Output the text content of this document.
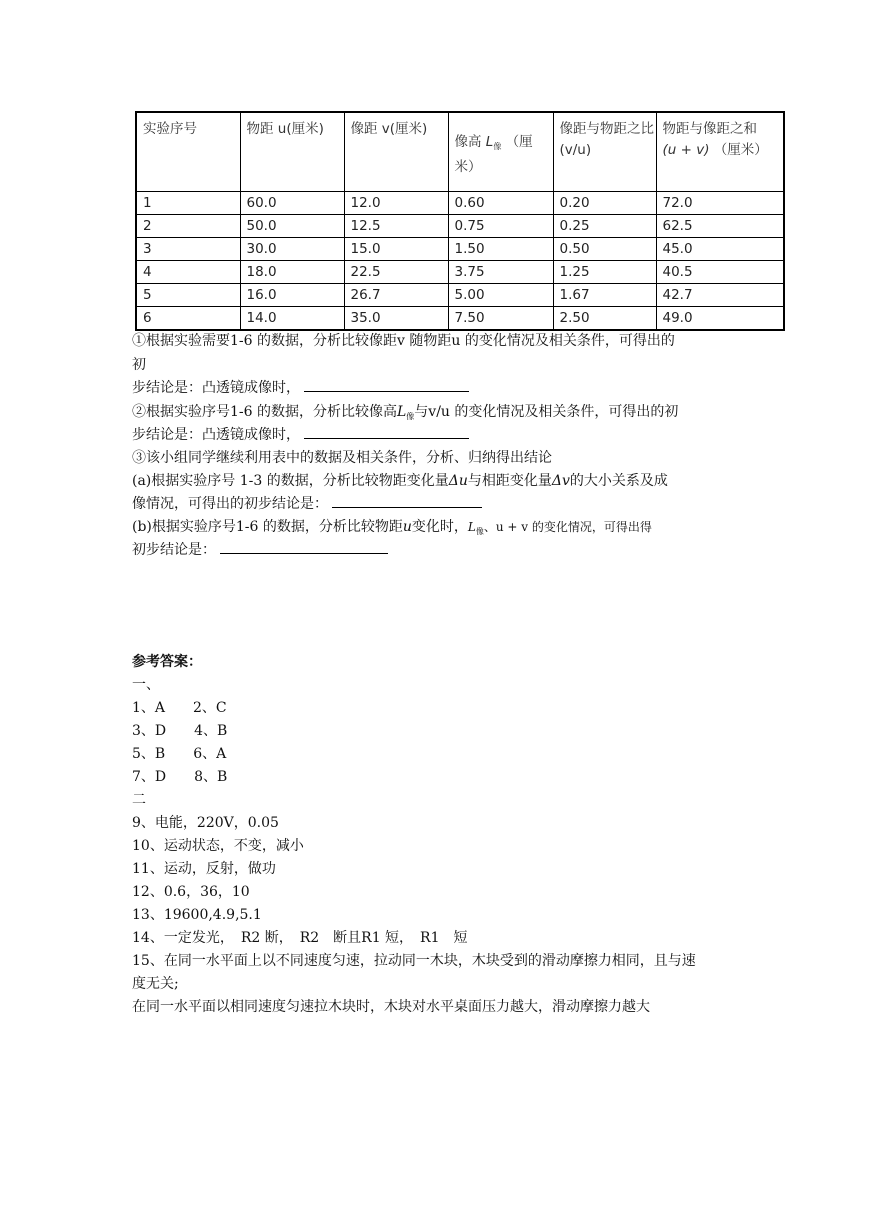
实验序号	物距 u(厘米)	像距 v(厘米)	像高 $L_像$ （厘
米）	像距与物距之比(v/u)	物距与像距之和
(u + v) （厘米）
1	60.0	12.0	0.60	0.20	72.0
2	50.0	12.5	0.75	0.25	62.5
3	30.0	15.0	1.50	0.50	45.0
4	18.0	22.5	3.75	1.25	40.5
5	16.0	26.7	5.00	1.67	42.7
6	14.0	35.0	7.50	2.50	49.0
①根据实验需要1-6 的数据，分析比较像距v 随物距u 的变化情况及相关条件，可得出的
初
步结论是：凸透镜成像时，
②根据实验序号1-6 的数据，分析比较像高$L_像$与v/u 的变化情况及相关条件，可得出的初
步结论是：凸透镜成像时，
③该小组同学继续利用表中的数据及相关条件，分析、归纳得出结论
(a)根据实验序号 1-3 的数据，分析比较物距变化量Δu与相距变化量Δv的大小关系及成
像情况，可得出的初步结论是：
(b)根据实验序号1-6 的数据，分析比较物距u变化时，$L_像$、u + v 的变化情况，可得出得
初步结论是：
参考答案：
一、
1、A　　2、C
3、D　　4、B
5、B　　6、A
7、D　　8、B
二
9、电能，220V，0.05
10、运动状态，不变，减小
11、运动，反射，做功
12、0.6，36，10
13、19600,4.9,5.1
14、一定发光，　R2 断，　R2　断且R1 短，　R1　短
15、在同一水平面上以不同速度匀速，拉动同一木块，木块受到的滑动摩擦力相同，且与速
度无关;
在同一水平面以相同速度匀速拉木块时，木块对水平桌面压力越大，滑动摩擦力越大
